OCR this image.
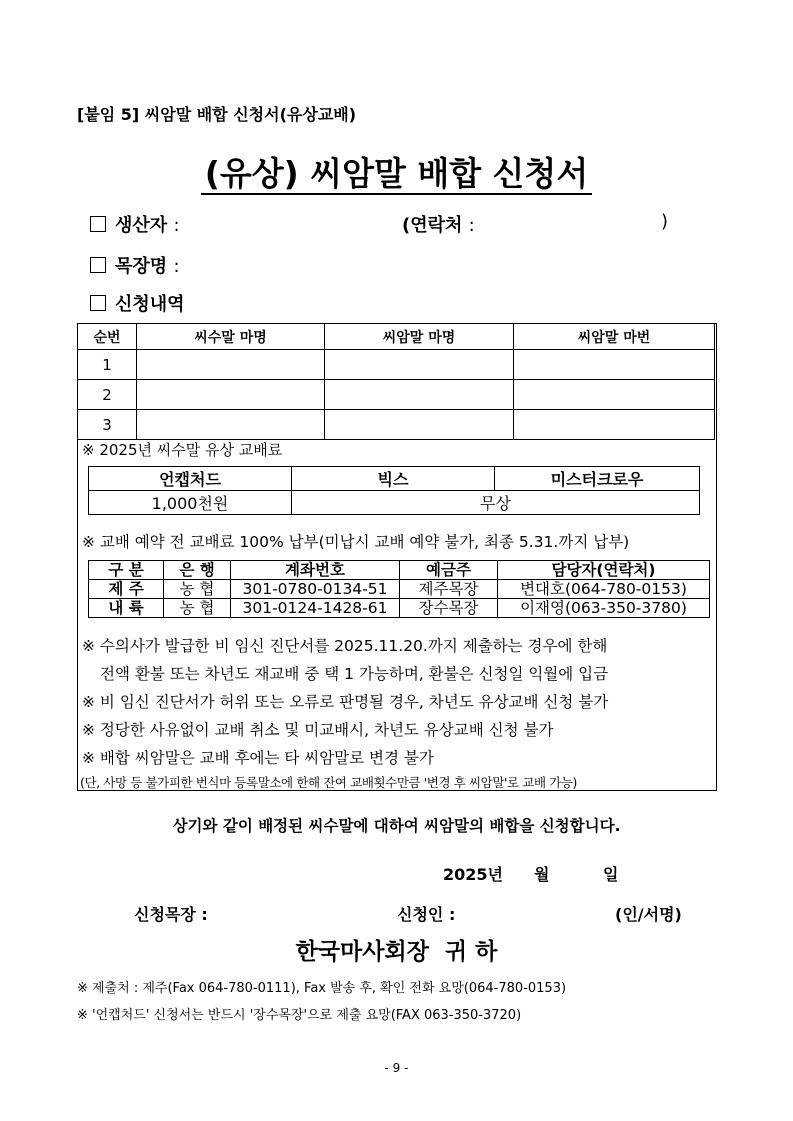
[붙임 5] 씨암말 배합 신청서(유상교배)
(유상) 씨암말 배합 신청서
생산자 :	(연락처 :	)
목장명 :
신청내역
순번	씨수말 마명	씨암말 마명	씨암말 마번
1			
2			
3			
※ 2025년 씨수말 유상 교배료
언캡처드	빅스	미스터크로우
1,000천원	무상	
※ 교배 예약 전 교배료 100% 납부(미납시 교배 예약 불가, 최종 5.31.까지 납부)
구 분	은 행	계좌번호	예금주	담당자(연락처)
제 주	농 협	301-0780-0134-51	제주목장	변대호(064-780-0153)
내 륙	농 협	301-0124-1428-61	장수목장	이재영(063-350-3780)
※ 수의사가 발급한 비 임신 진단서를 2025.11.20.까지 제출하는 경우에 한해
전액 환불 또는 차년도 재교배 중 택 1 가능하며, 환불은 신청일 익월에 입금
※ 비 임신 진단서가 허위 또는 오류로 판명될 경우, 차년도 유상교배 신청 불가
※ 정당한 사유없이 교배 취소 및 미교배시, 차년도 유상교배 신청 불가
※ 배합 씨암말은 교배 후에는 타 씨암말로 변경 불가
(단, 사망 등 불가피한 번식마 등록말소에 한해 잔여 교배횟수만큼 '변경 후 씨암말'로 교배 가능)
상기와 같이 배정된 씨수말에 대하여 씨암말의 배합을 신청합니다.
2025년 월	일
신청목장 :	신청인 :	(인/서명)
한국마사회장  귀 하
※ 제출처 : 제주(Fax 064-780-0111), Fax 발송 후, 확인 전화 요망(064-780-0153)
※ '언캡처드' 신청서는 반드시 '장수목장'으로 제출 요망(FAX 063-350-3720)
- 9 -
